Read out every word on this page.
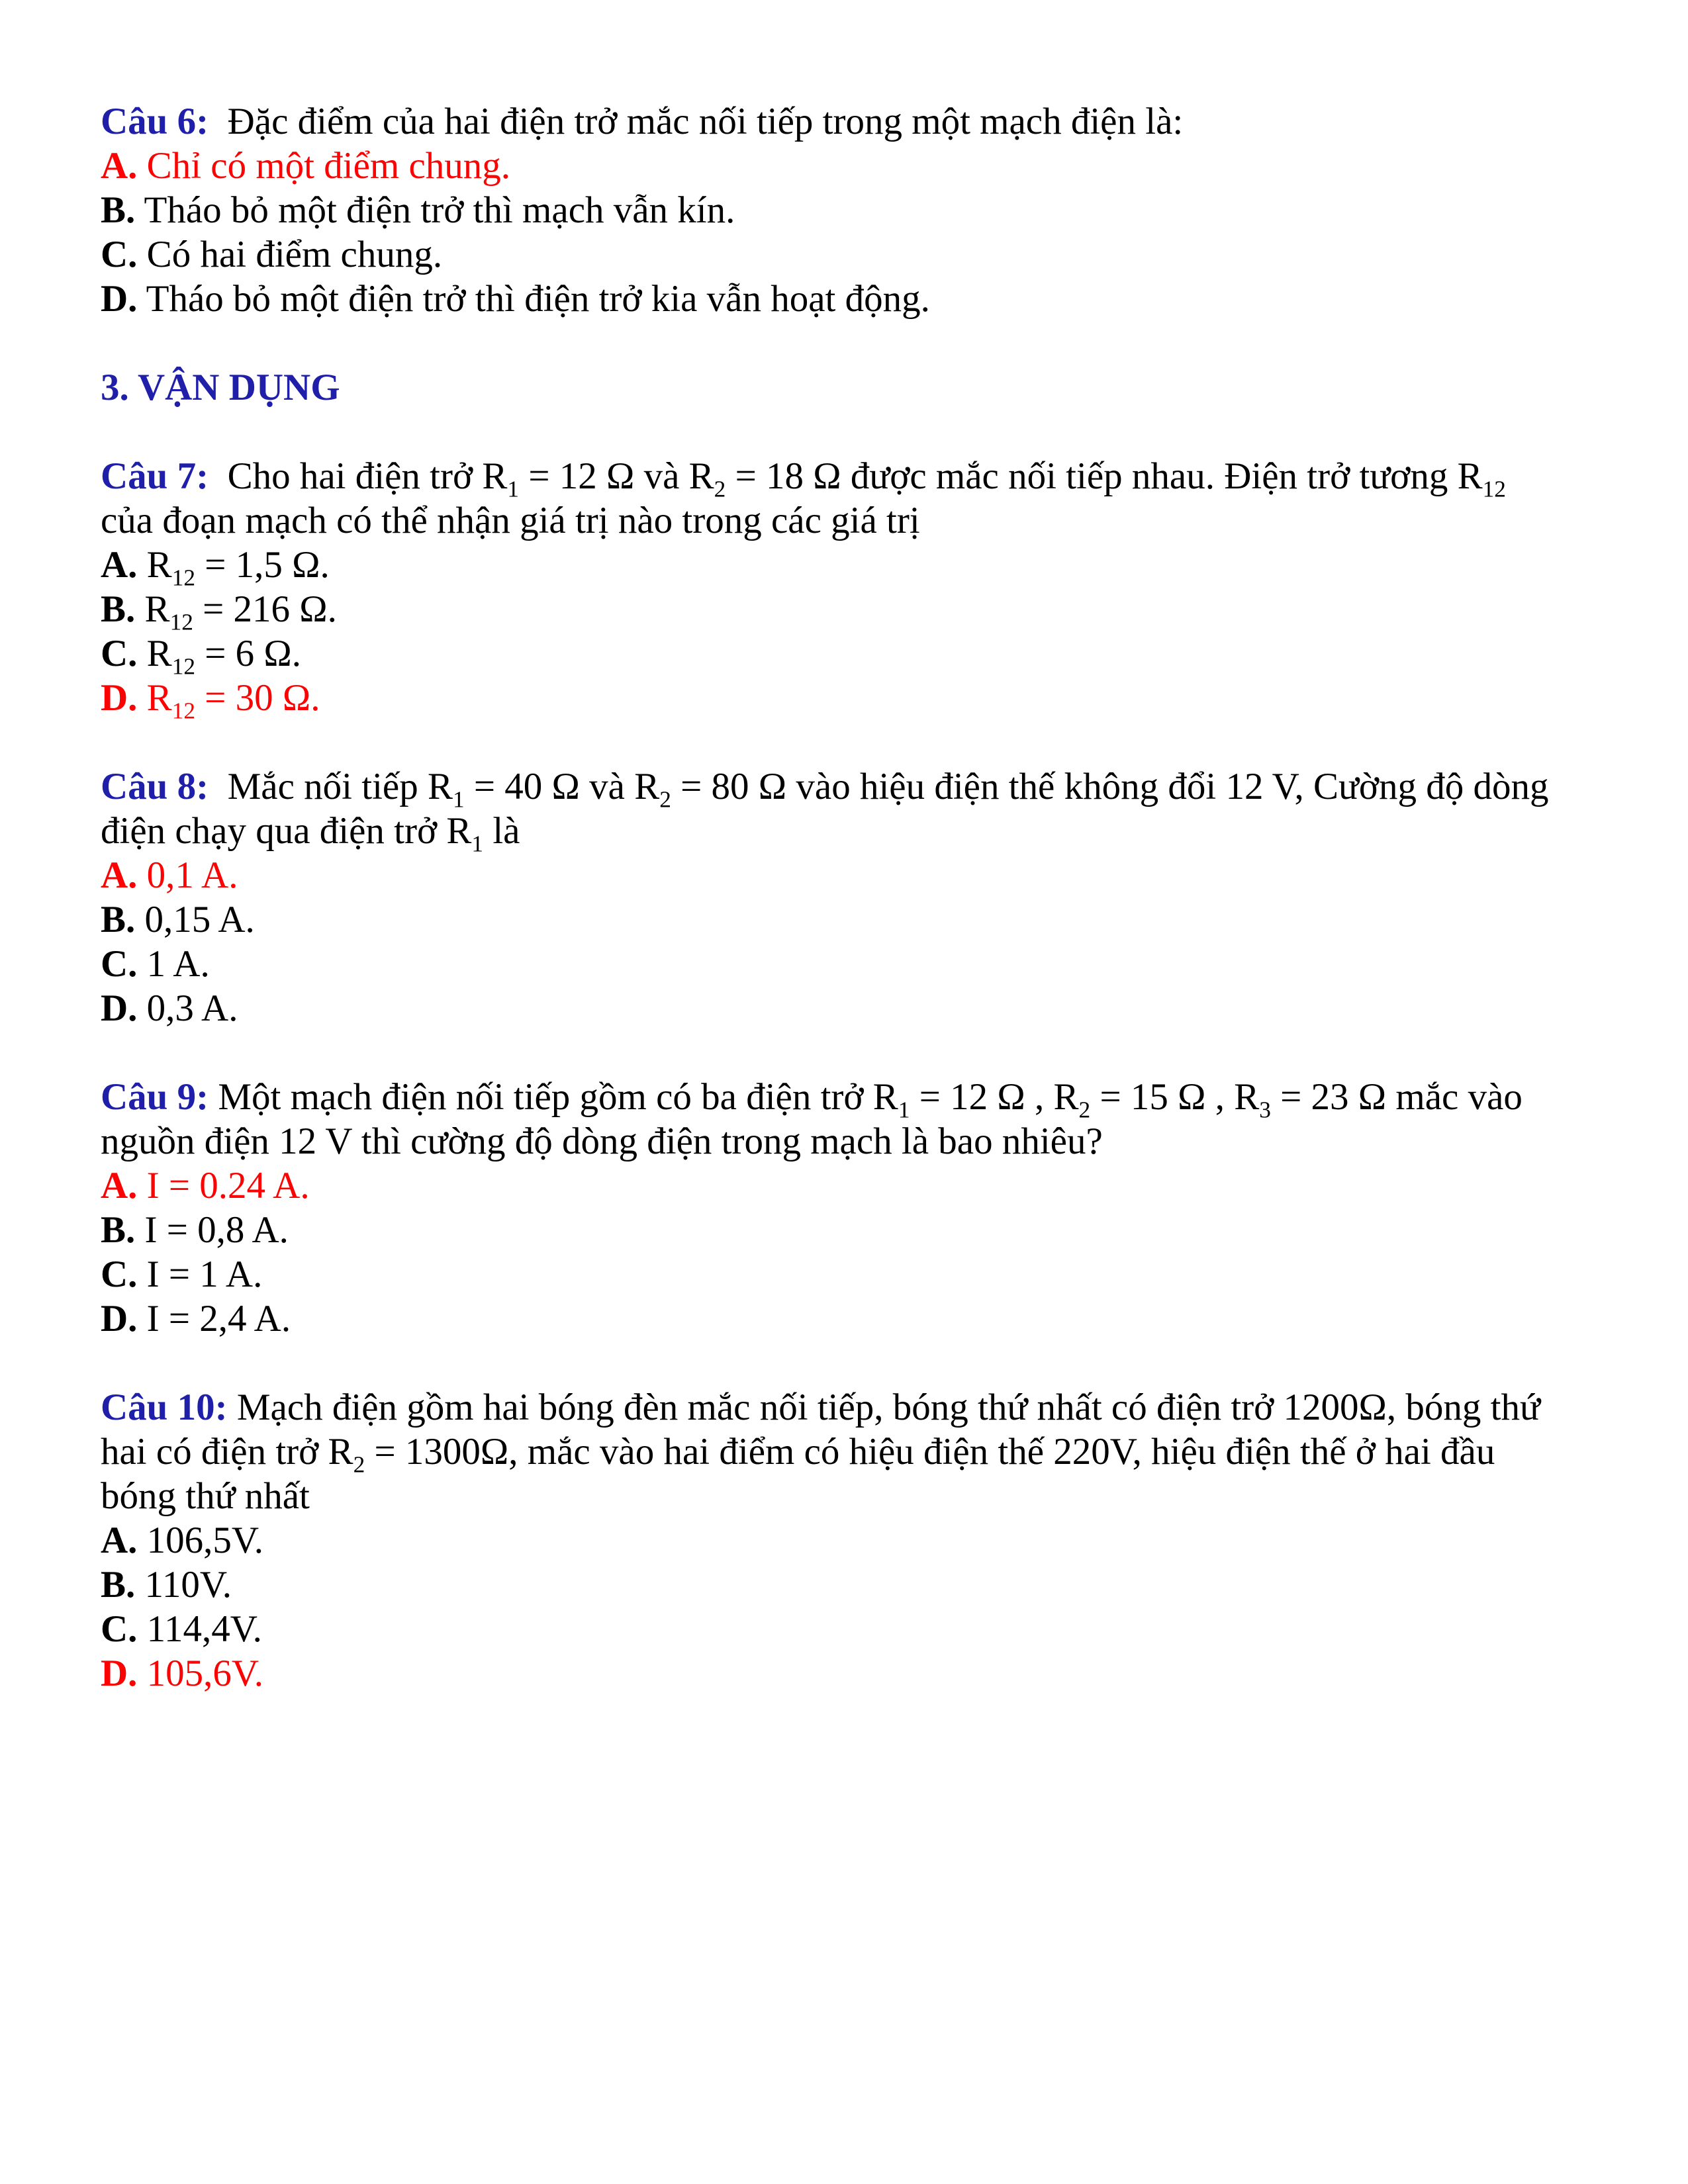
Câu 6:  Đặc điểm của hai điện trở mắc nối tiếp trong một mạch điện là:
A. Chỉ có một điểm chung.
B. Tháo bỏ một điện trở thì mạch vẫn kín.
C. Có hai điểm chung.
D. Tháo bỏ một điện trở thì điện trở kia vẫn hoạt động.
3. VẬN DỤNG
Câu 7:  Cho hai điện trở $R_1 = 12$ Ω và $R_2 = 18$ Ω được mắc nối tiếp nhau. Điện trở tương $R_{12}$
của đoạn mạch có thể nhận giá trị nào trong các giá trị
A. $R_{12} = 1,5$ Ω.
B. $R_{12} = 216$ Ω.
C. $R_{12} = 6$ Ω.
D. $R_{12} = 30$ Ω.
Câu 8:  Mắc nối tiếp $R_1 = 40$ Ω và $R_2 = 80$ Ω vào hiệu điện thế không đổi 12 V, Cường độ dòng
điện chạy qua điện trở $R_1$ là
A. 0,1 A.
B. 0,15 A.
C. 1 A.
D. 0,3 A.
Câu 9: Một mạch điện nối tiếp gồm có ba điện trở $R_1 = 12$ Ω , $R_2 = 15$ Ω , $R_3 = 23$ Ω mắc vào
nguồn điện 12 V thì cường độ dòng điện trong mạch là bao nhiêu?
A. I = 0.24 A.
B. I = 0,8 A.
C. I = 1 A.
D. I = 2,4 A.
Câu 10: Mạch điện gồm hai bóng đèn mắc nối tiếp, bóng thứ nhất có điện trở 1200Ω, bóng thứ
hai có điện trở $R_2 = 1300\Omega$, mắc vào hai điểm có hiệu điện thế 220V, hiệu điện thế ở hai đầu
bóng thứ nhất
A. 106,5V.
B. 110V.
C. 114,4V.
D. 105,6V.
